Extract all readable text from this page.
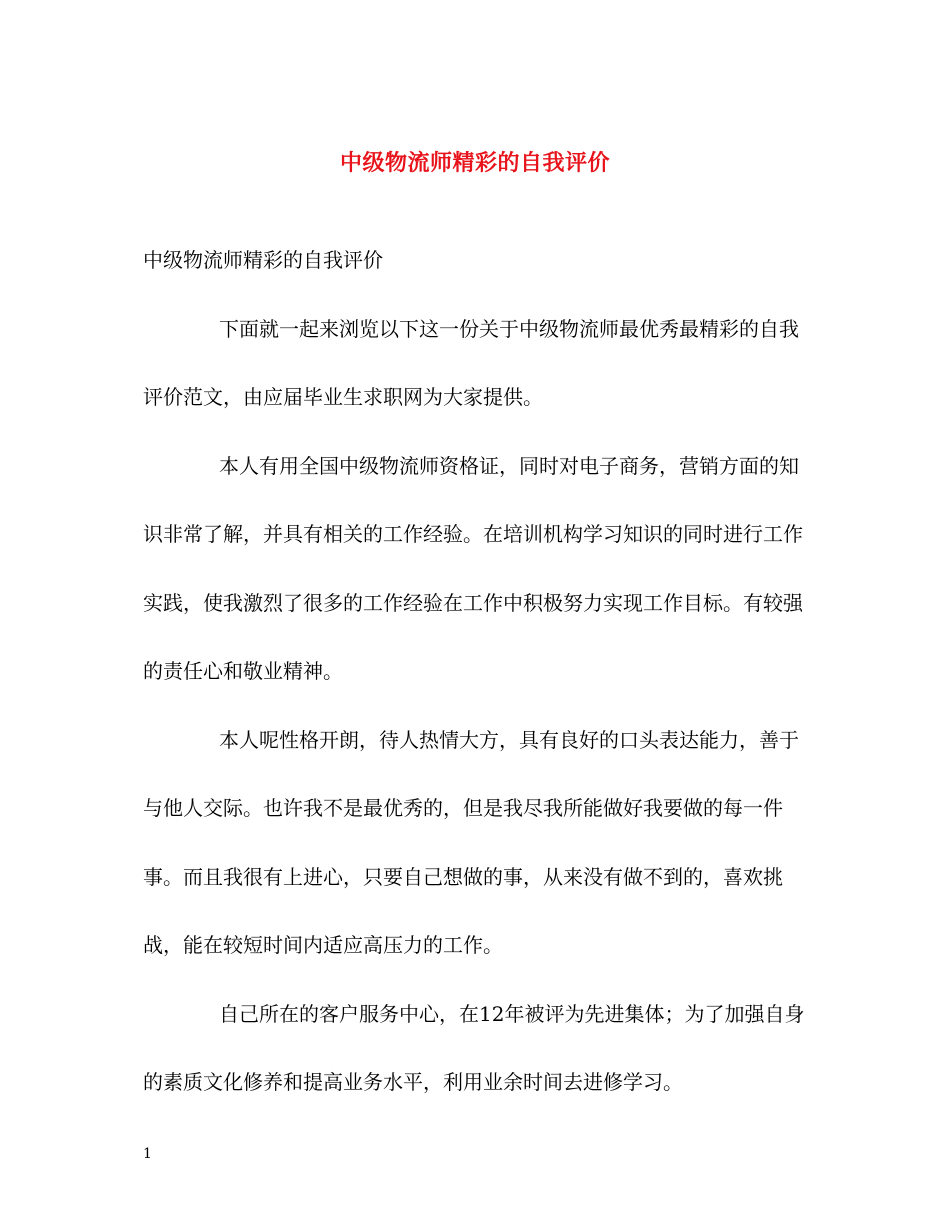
中级物流师精彩的自我评价

中级物流师精彩的自我评价

下面就一起来浏览以下这一份关于中级物流师最优秀最精彩的自我评价范文，由应届毕业生求职网为大家提供。

本人有用全国中级物流师资格证，同时对电子商务，营销方面的知识非常了解，并具有相关的工作经验。在培训机构学习知识的同时进行工作实践，使我激烈了很多的工作经验在工作中积极努力实现工作目标。有较强的责任心和敬业精神。

本人呢性格开朗，待人热情大方，具有良好的口头表达能力，善于与他人交际。也许我不是最优秀的，但是我尽我所能做好我要做的每一件事。而且我很有上进心，只要自己想做的事，从来没有做不到的，喜欢挑战，能在较短时间内适应高压力的工作。

自己所在的客户服务中心，在12年被评为先进集体；为了加强自身的素质文化修养和提高业务水平，利用业余时间去进修学习。

1
